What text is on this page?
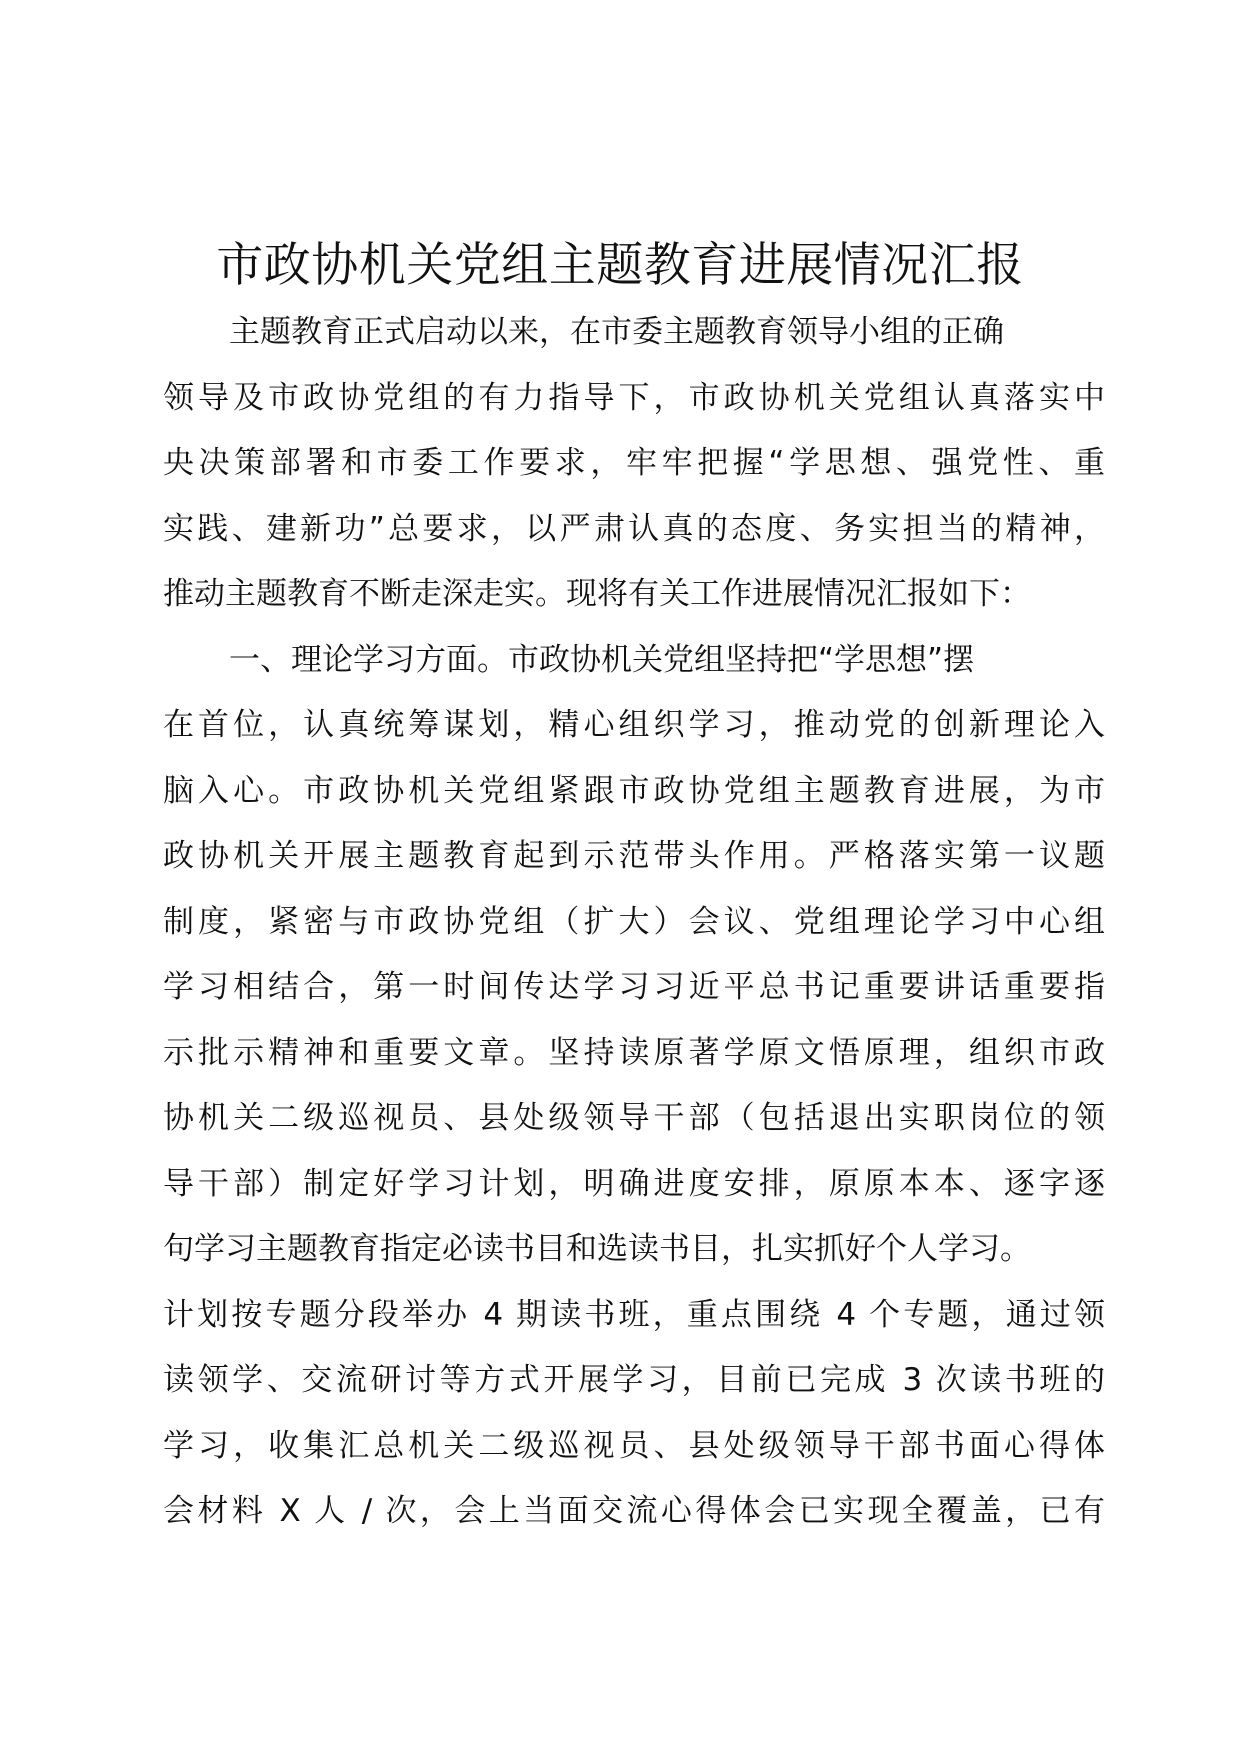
市政协机关党组主题教育进展情况汇报
主题教育正式启动以来，在市委主题教育领导小组的正确
领导及市政协党组的有力指导下，市政协机关党组认真落实中
央决策部署和市委工作要求，牢牢把握“学思想、强党性、重
实践、建新功”总要求，以严肃认真的态度、务实担当的精神，
推动主题教育不断走深走实。现将有关工作进展情况汇报如下：
一、理论学习方面。市政协机关党组坚持把“学思想”摆
在首位，认真统筹谋划，精心组织学习，推动党的创新理论入
脑入心。市政协机关党组紧跟市政协党组主题教育进展，为市
政协机关开展主题教育起到示范带头作用。严格落实第一议题
制度，紧密与市政协党组（扩大）会议、党组理论学习中心组
学习相结合，第一时间传达学习习近平总书记重要讲话重要指
示批示精神和重要文章。坚持读原著学原文悟原理，组织市政
协机关二级巡视员、县处级领导干部（包括退出实职岗位的领
导干部）制定好学习计划，明确进度安排，原原本本、逐字逐
句学习主题教育指定必读书目和选读书目，扎实抓好个人学习。
计划按专题分段举办 4 期读书班，重点围绕 4 个专题，通过领
读领学、交流研讨等方式开展学习，目前已完成 3 次读书班的
学习，收集汇总机关二级巡视员、县处级领导干部书面心得体
会材料 X 人 / 次，会上当面交流心得体会已实现全覆盖，已有
